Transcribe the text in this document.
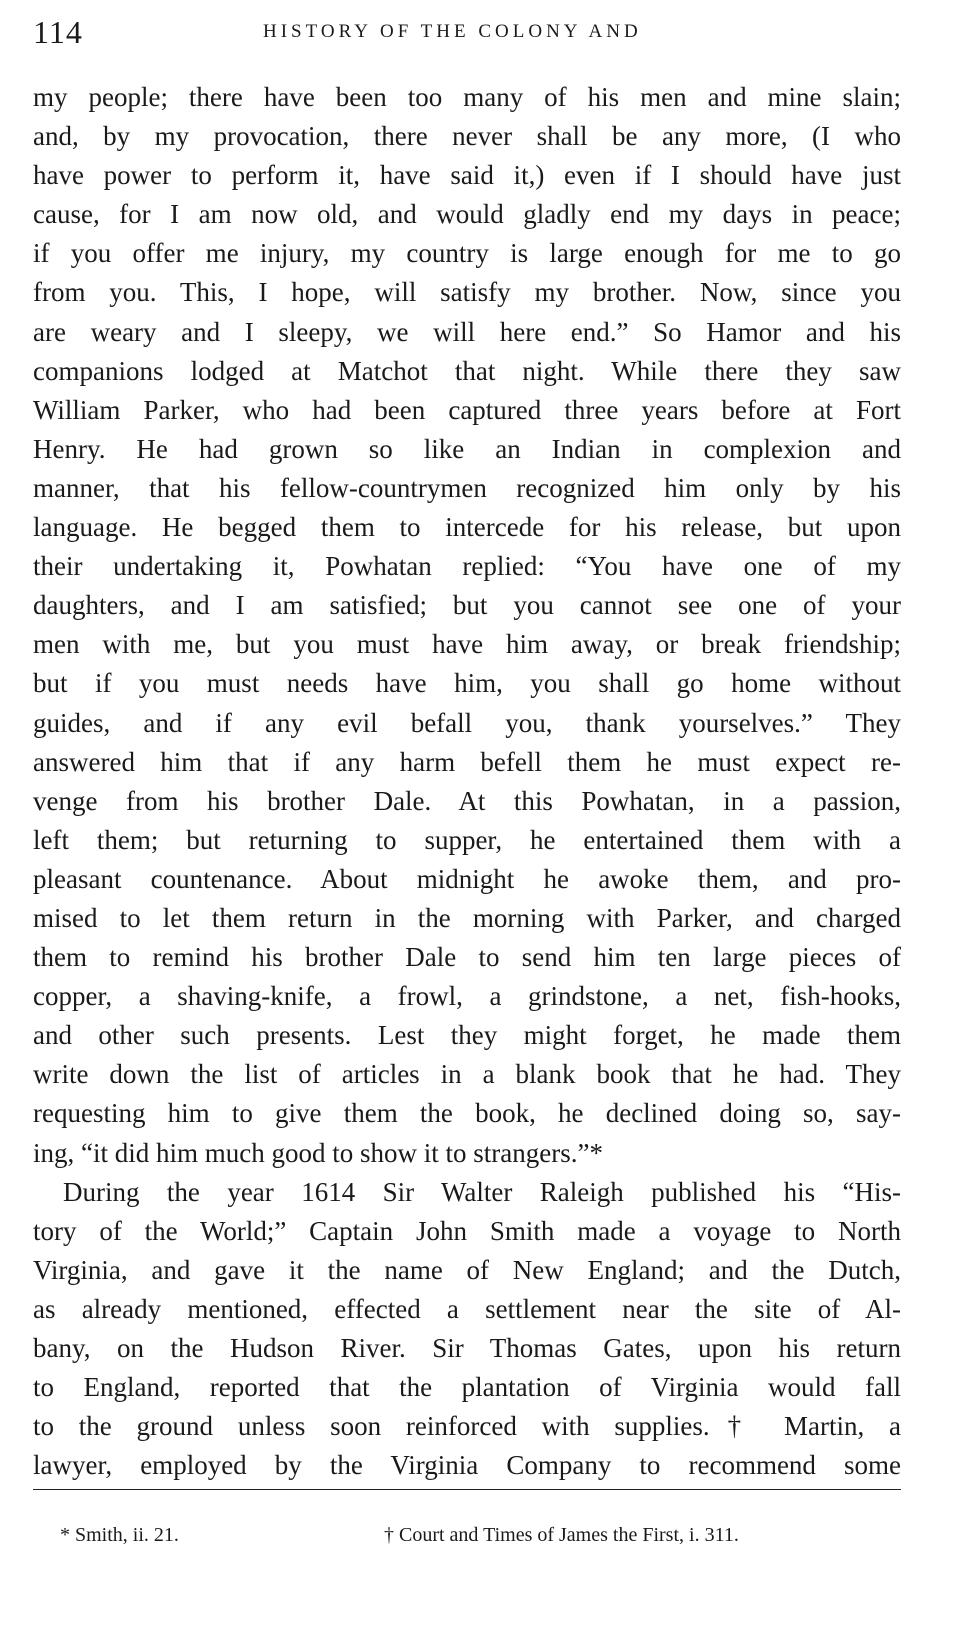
114	HISTORY OF THE COLONY AND
my people; there have been too many of his men and mine slain;
and, by my provocation, there never shall be any more, (I who
have power to perform it, have said it,) even if I should have just
cause, for I am now old, and would gladly end my days in peace;
if you offer me injury, my country is large enough for me to go
from you. This, I hope, will satisfy my brother. Now, since you
are weary and I sleepy, we will here end.” So Hamor and his
companions lodged at Matchot that night. While there they saw
William Parker, who had been captured three years before at Fort
Henry. He had grown so like an Indian in complexion and
manner, that his fellow-countrymen recognized him only by his
language. He begged them to intercede for his release, but upon
their undertaking it, Powhatan replied: “You have one of my
daughters, and I am satisfied; but you cannot see one of your
men with me, but you must have him away, or break friendship;
but if you must needs have him, you shall go home without
guides, and if any evil befall you, thank yourselves.” They
answered him that if any harm befell them he must expect re-
venge from his brother Dale. At this Powhatan, in a passion,
left them; but returning to supper, he entertained them with a
pleasant countenance. About midnight he awoke them, and pro-
mised to let them return in the morning with Parker, and charged
them to remind his brother Dale to send him ten large pieces of
copper, a shaving-knife, a frowl, a grindstone, a net, fish-hooks,
and other such presents. Lest they might forget, he made them
write down the list of articles in a blank book that he had. They
requesting him to give them the book, he declined doing so, say-
ing, “it did him much good to show it to strangers.”*
During the year 1614 Sir Walter Raleigh published his “His-
tory of the World;” Captain John Smith made a voyage to North
Virginia, and gave it the name of New England; and the Dutch,
as already mentioned, effected a settlement near the site of Al-
bany, on the Hudson River. Sir Thomas Gates, upon his return
to England, reported that the plantation of Virginia would fall
to the ground unless soon reinforced with supplies.† Martin, a
lawyer, employed by the Virginia Company to recommend some
* Smith, ii. 21.	† Court and Times of James the First, i. 311.
